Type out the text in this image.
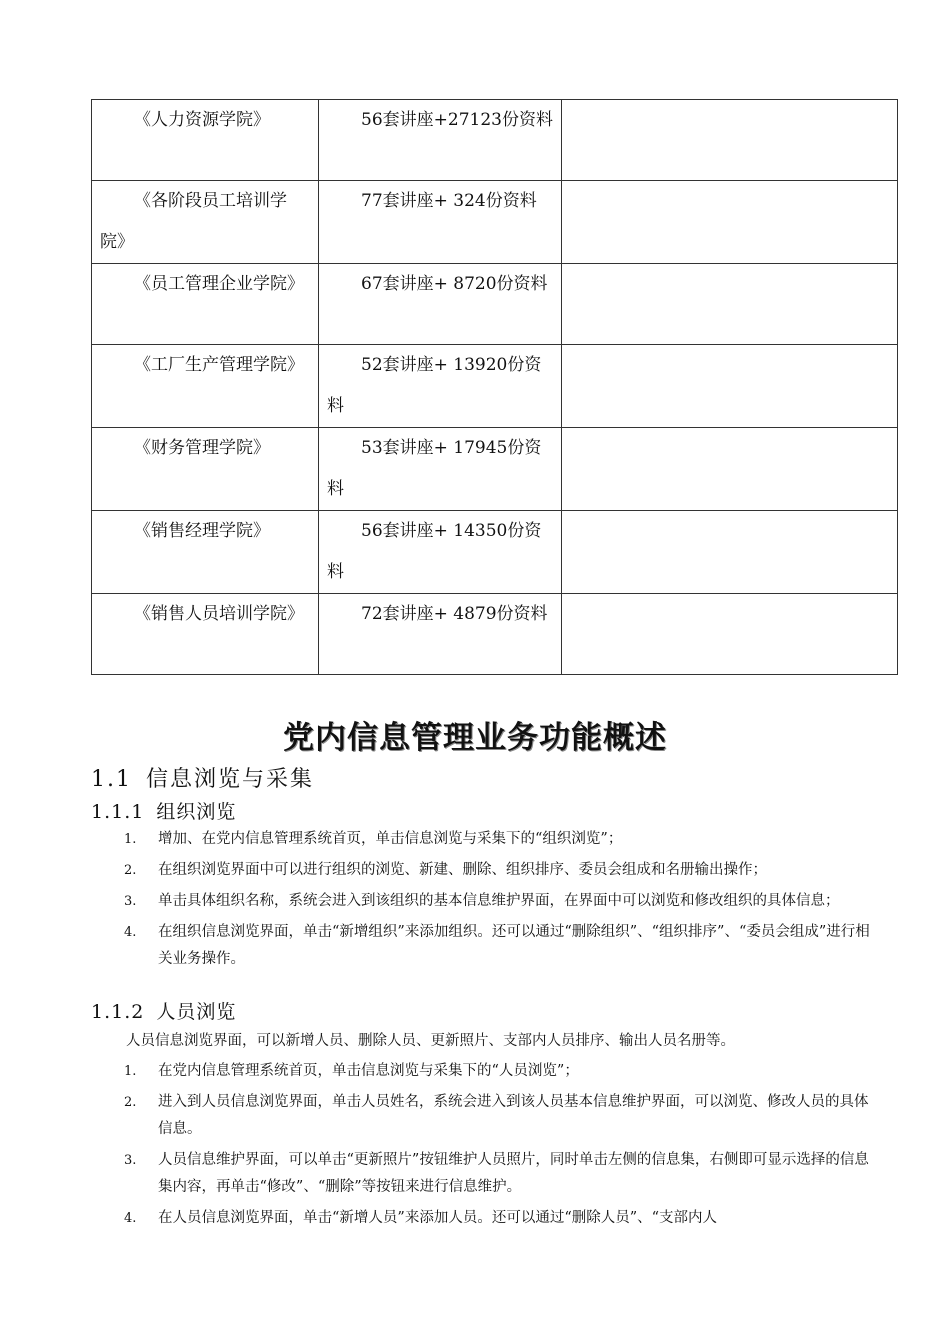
《人力资源学院》	56套讲座+27123份资料	
《各阶段员工培训学院》	77套讲座+ 324份资料	
《员工管理企业学院》	67套讲座+ 8720份资料	
《工厂生产管理学院》	52套讲座+ 13920份资料	
《财务管理学院》	53套讲座+ 17945份资料	
《销售经理学院》	56套讲座+ 14350份资料	
《销售人员培训学院》	72套讲座+ 4879份资料	
党内信息管理业务功能概述
1.1 信息浏览与采集
1.1.1 组织浏览
1. 增加、在党内信息管理系统首页，单击信息浏览与采集下的“组织浏览”；
2. 在组织浏览界面中可以进行组织的浏览、新建、删除、组织排序、委员会组成和名册输出操作；
3. 单击具体组织名称，系统会进入到该组织的基本信息维护界面，在界面中可以浏览和修改组织的具体信息；
4. 在组织信息浏览界面，单击“新增组织”来添加组织。还可以通过“删除组织”、“组织排序”、“委员会组成”进行相关业务操作。
1.1.2 人员浏览
人员信息浏览界面，可以新增人员、删除人员、更新照片、支部内人员排序、输出人员名册等。
1. 在党内信息管理系统首页，单击信息浏览与采集下的“人员浏览”；
2. 进入到人员信息浏览界面，单击人员姓名，系统会进入到该人员基本信息维护界面，可以浏览、修改人员的具体信息。
3. 人员信息维护界面，可以单击“更新照片”按钮维护人员照片，同时单击左侧的信息集，右侧即可显示选择的信息集内容，再单击“修改”、“删除”等按钮来进行信息维护。
4. 在人员信息浏览界面，单击“新增人员”来添加人员。还可以通过“删除人员”、“支部内人
